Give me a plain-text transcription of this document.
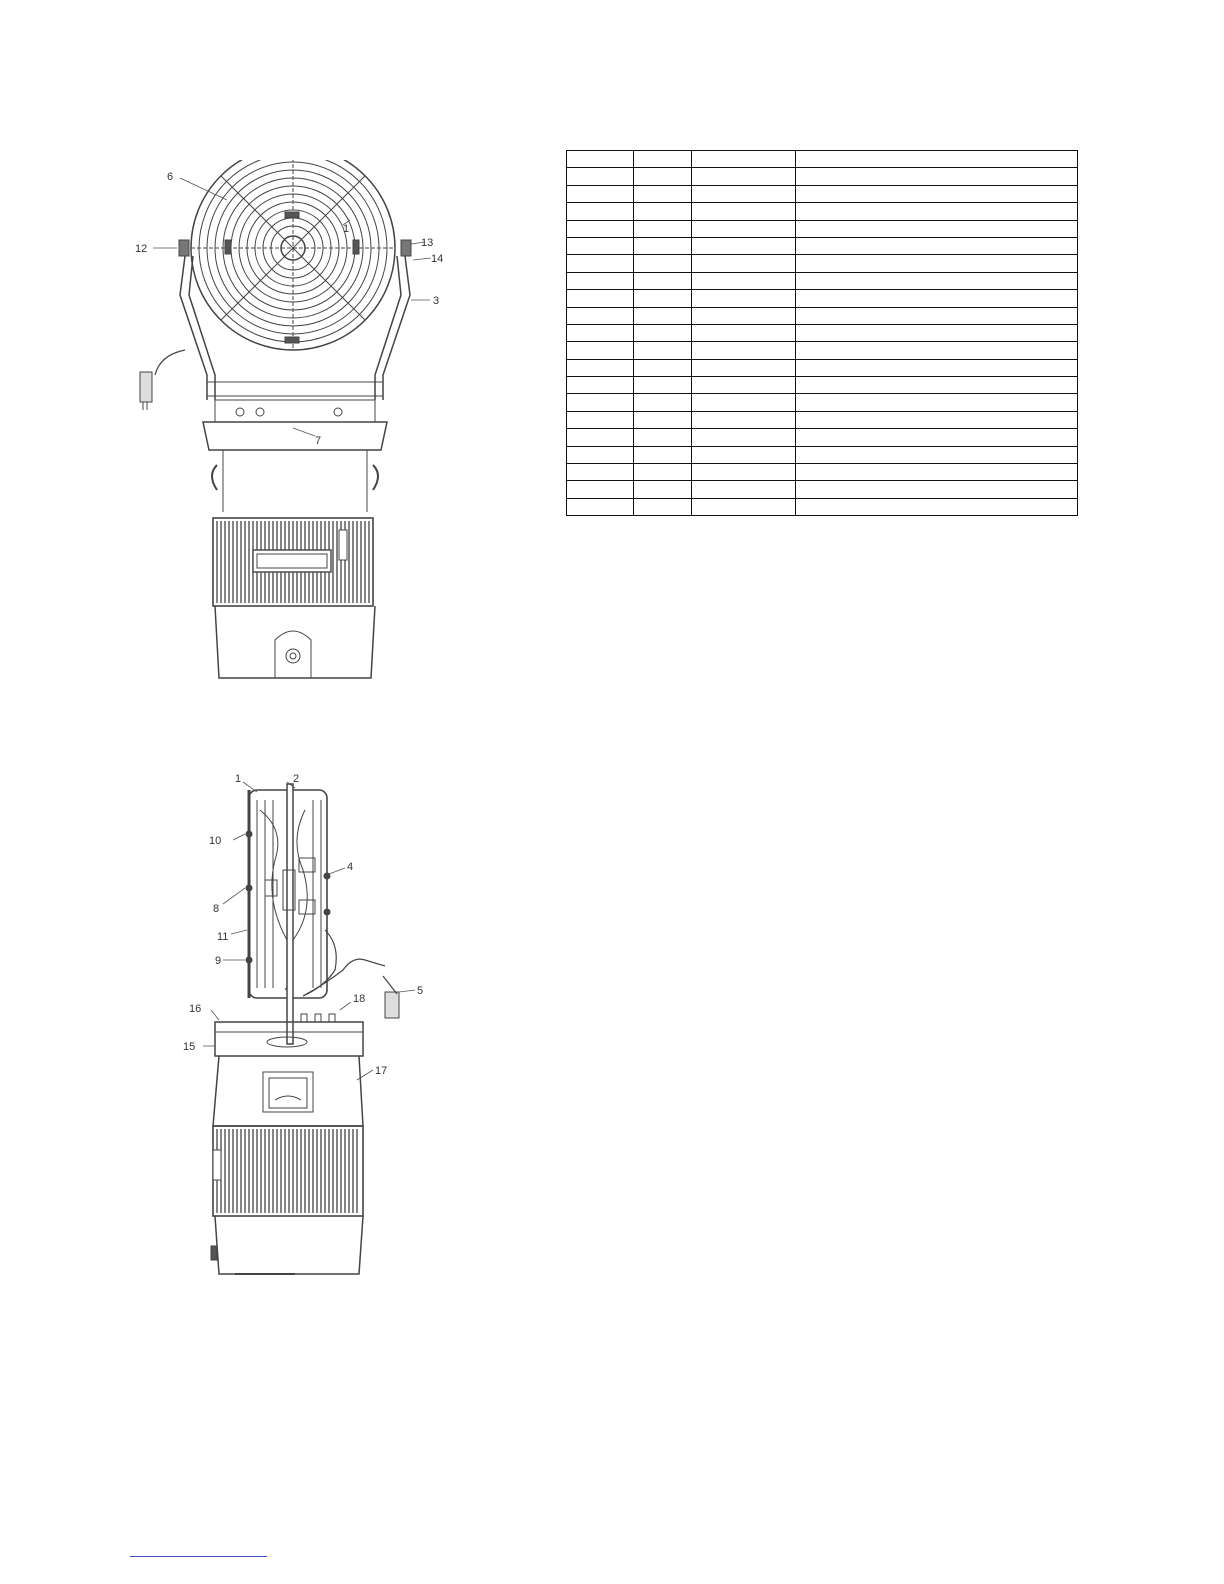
6
1
12	13
14
3
7
1	2
10
4
8
11
9
5
18
16
15
17
